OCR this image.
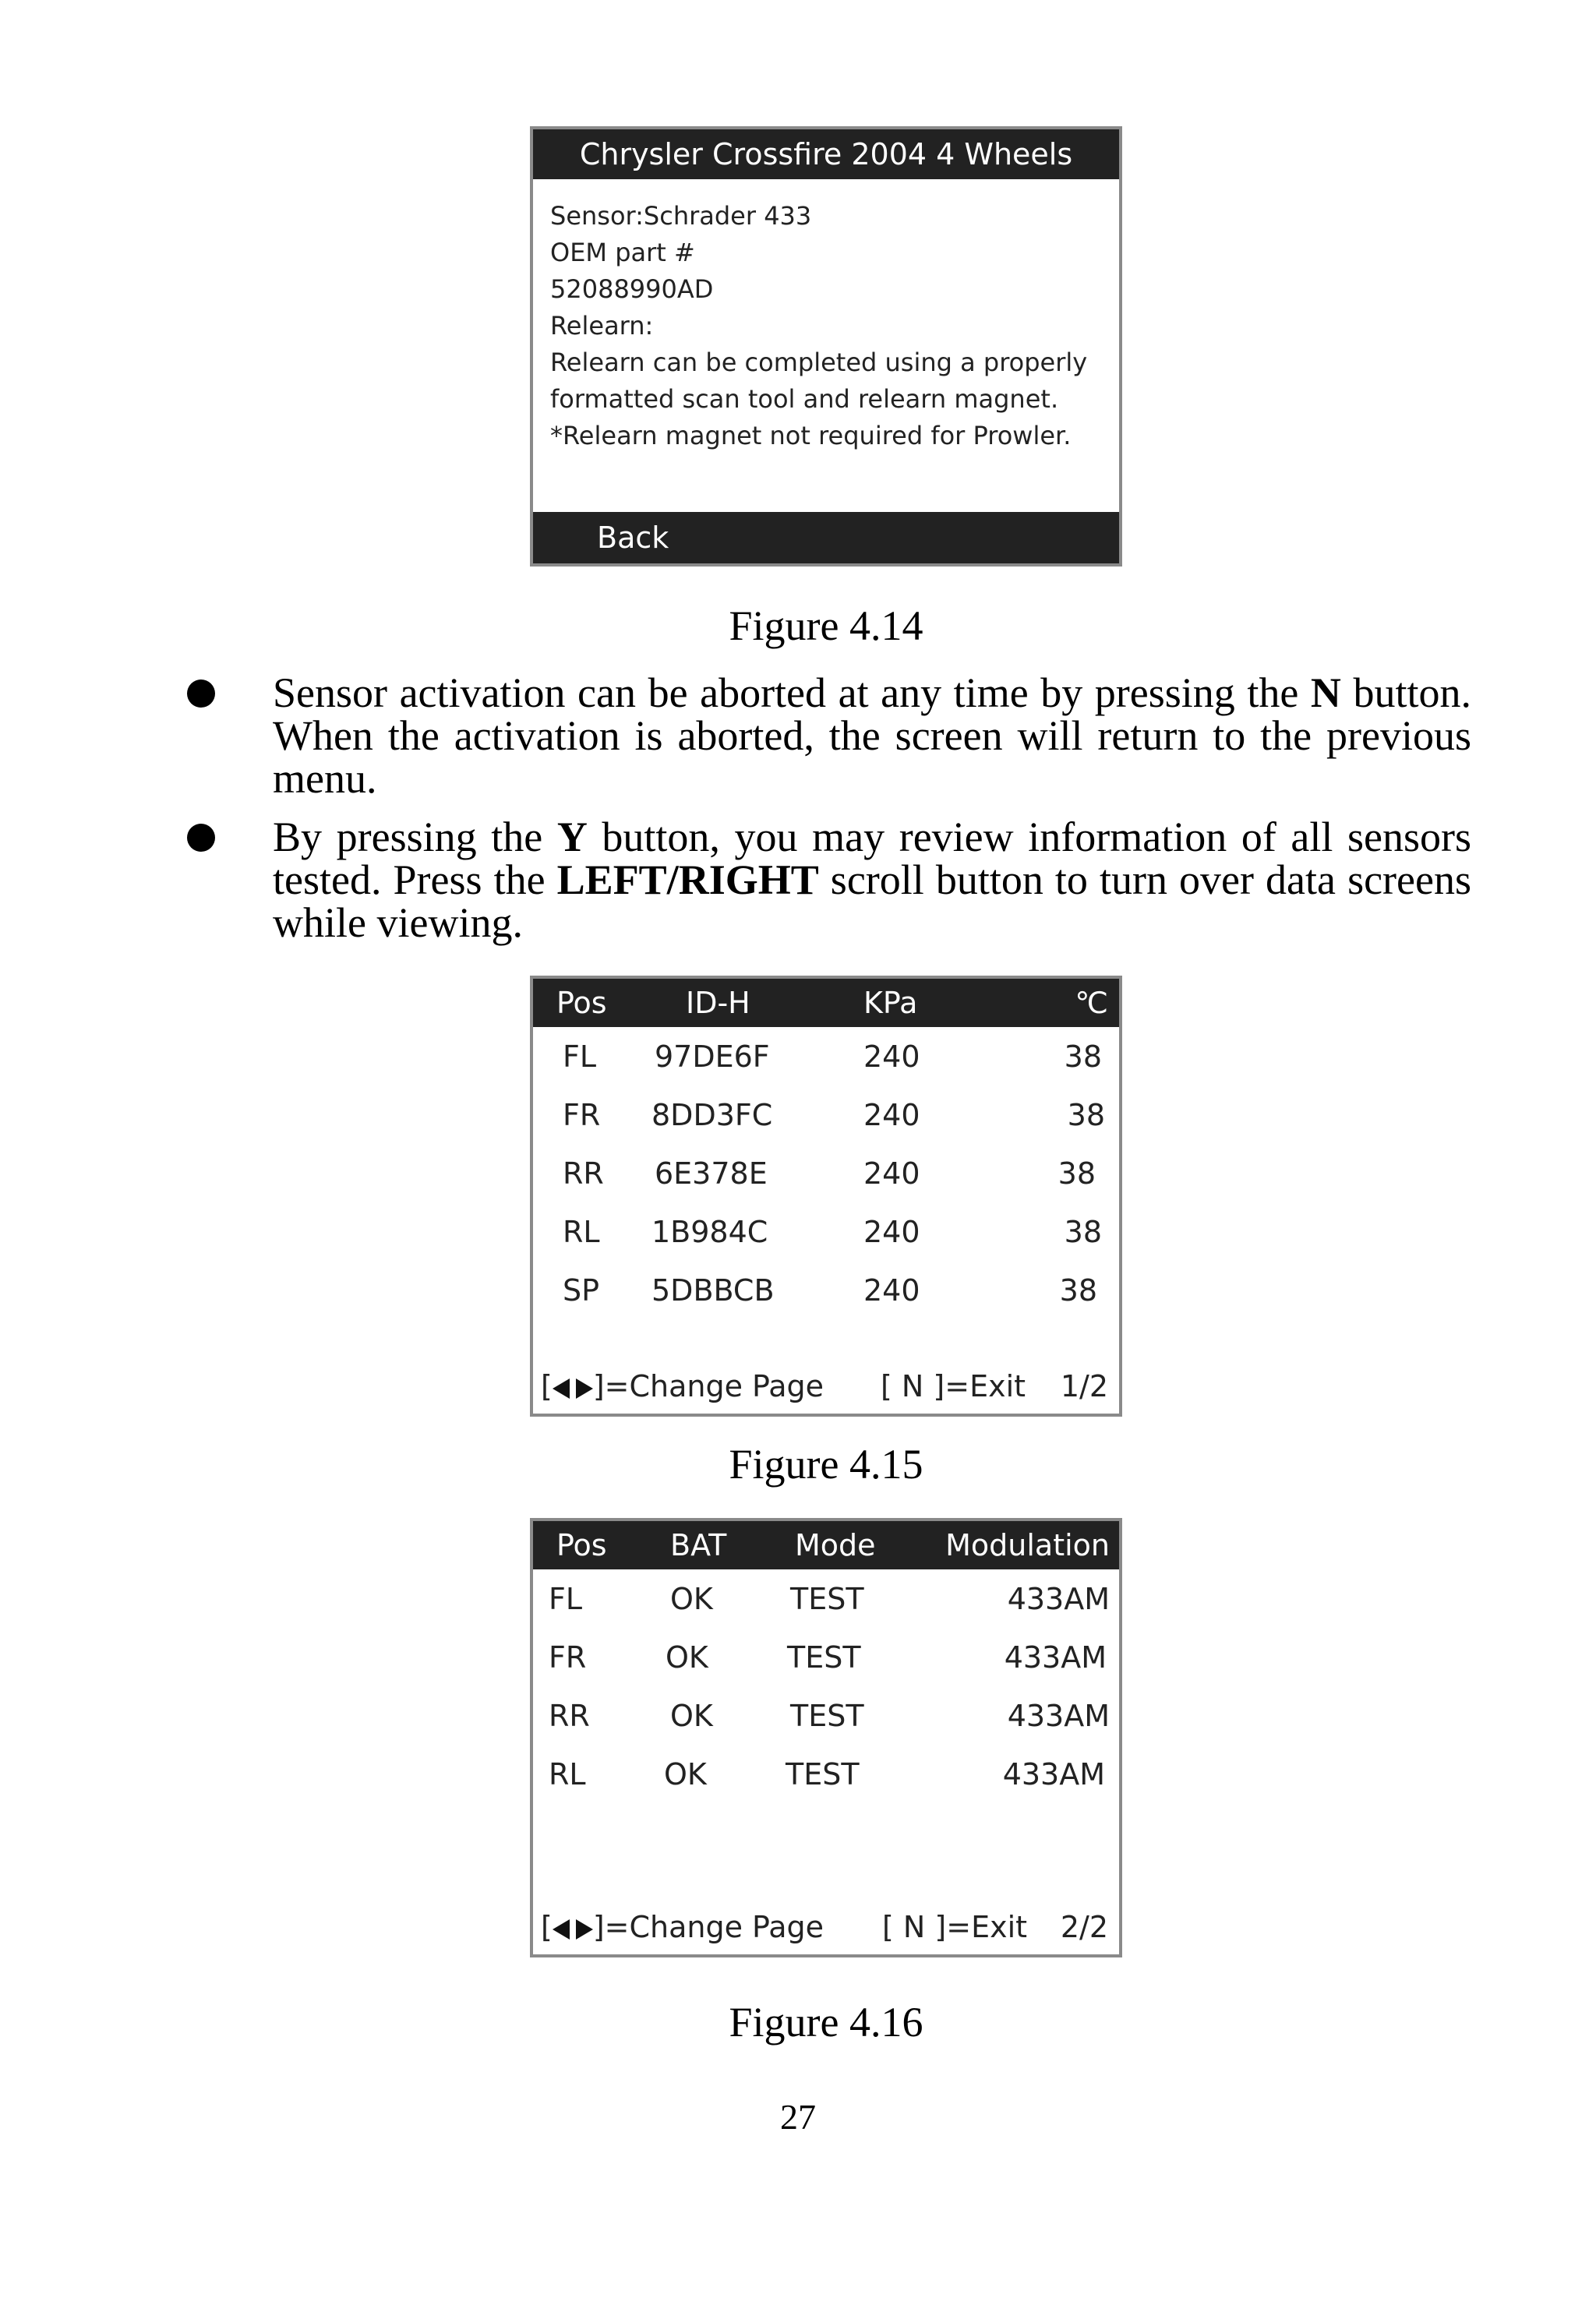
Chrysler Crossfire 2004 4 Wheels
Sensor:Schrader 433
OEM part #
52088990AD
Relearn:
Relearn can be completed using a properly
formatted scan tool and relearn magnet.
*Relearn magnet not required for Prowler.
Back
Figure 4.14
Sensor activation can be aborted at any time by pressing the N button. When the activation is aborted, the screen will return to the previous menu.
By pressing the Y button, you may review information of all sensors tested. Press the LEFT/RIGHT scroll button to turn over data screens while viewing.
Pos	ID-H	KPa	℃
FL 97DE6F	240	38
FR 8DD3FC	240	38
RR 6E378E	240	38
RL 1B984C	240	38
SP 5DBBCB	240	38
[ ]=Change Page [ N ]=Exit 1/2
Figure 4.15
Pos BAT Mode Modulation
FL	OK	TEST	433AM
FR	OK	TEST	433AM
RR	OK	TEST	433AM
RL	OK	TEST	433AM
[ ]=Change Page [ N ]=Exit 2/2
Figure 4.16
27
